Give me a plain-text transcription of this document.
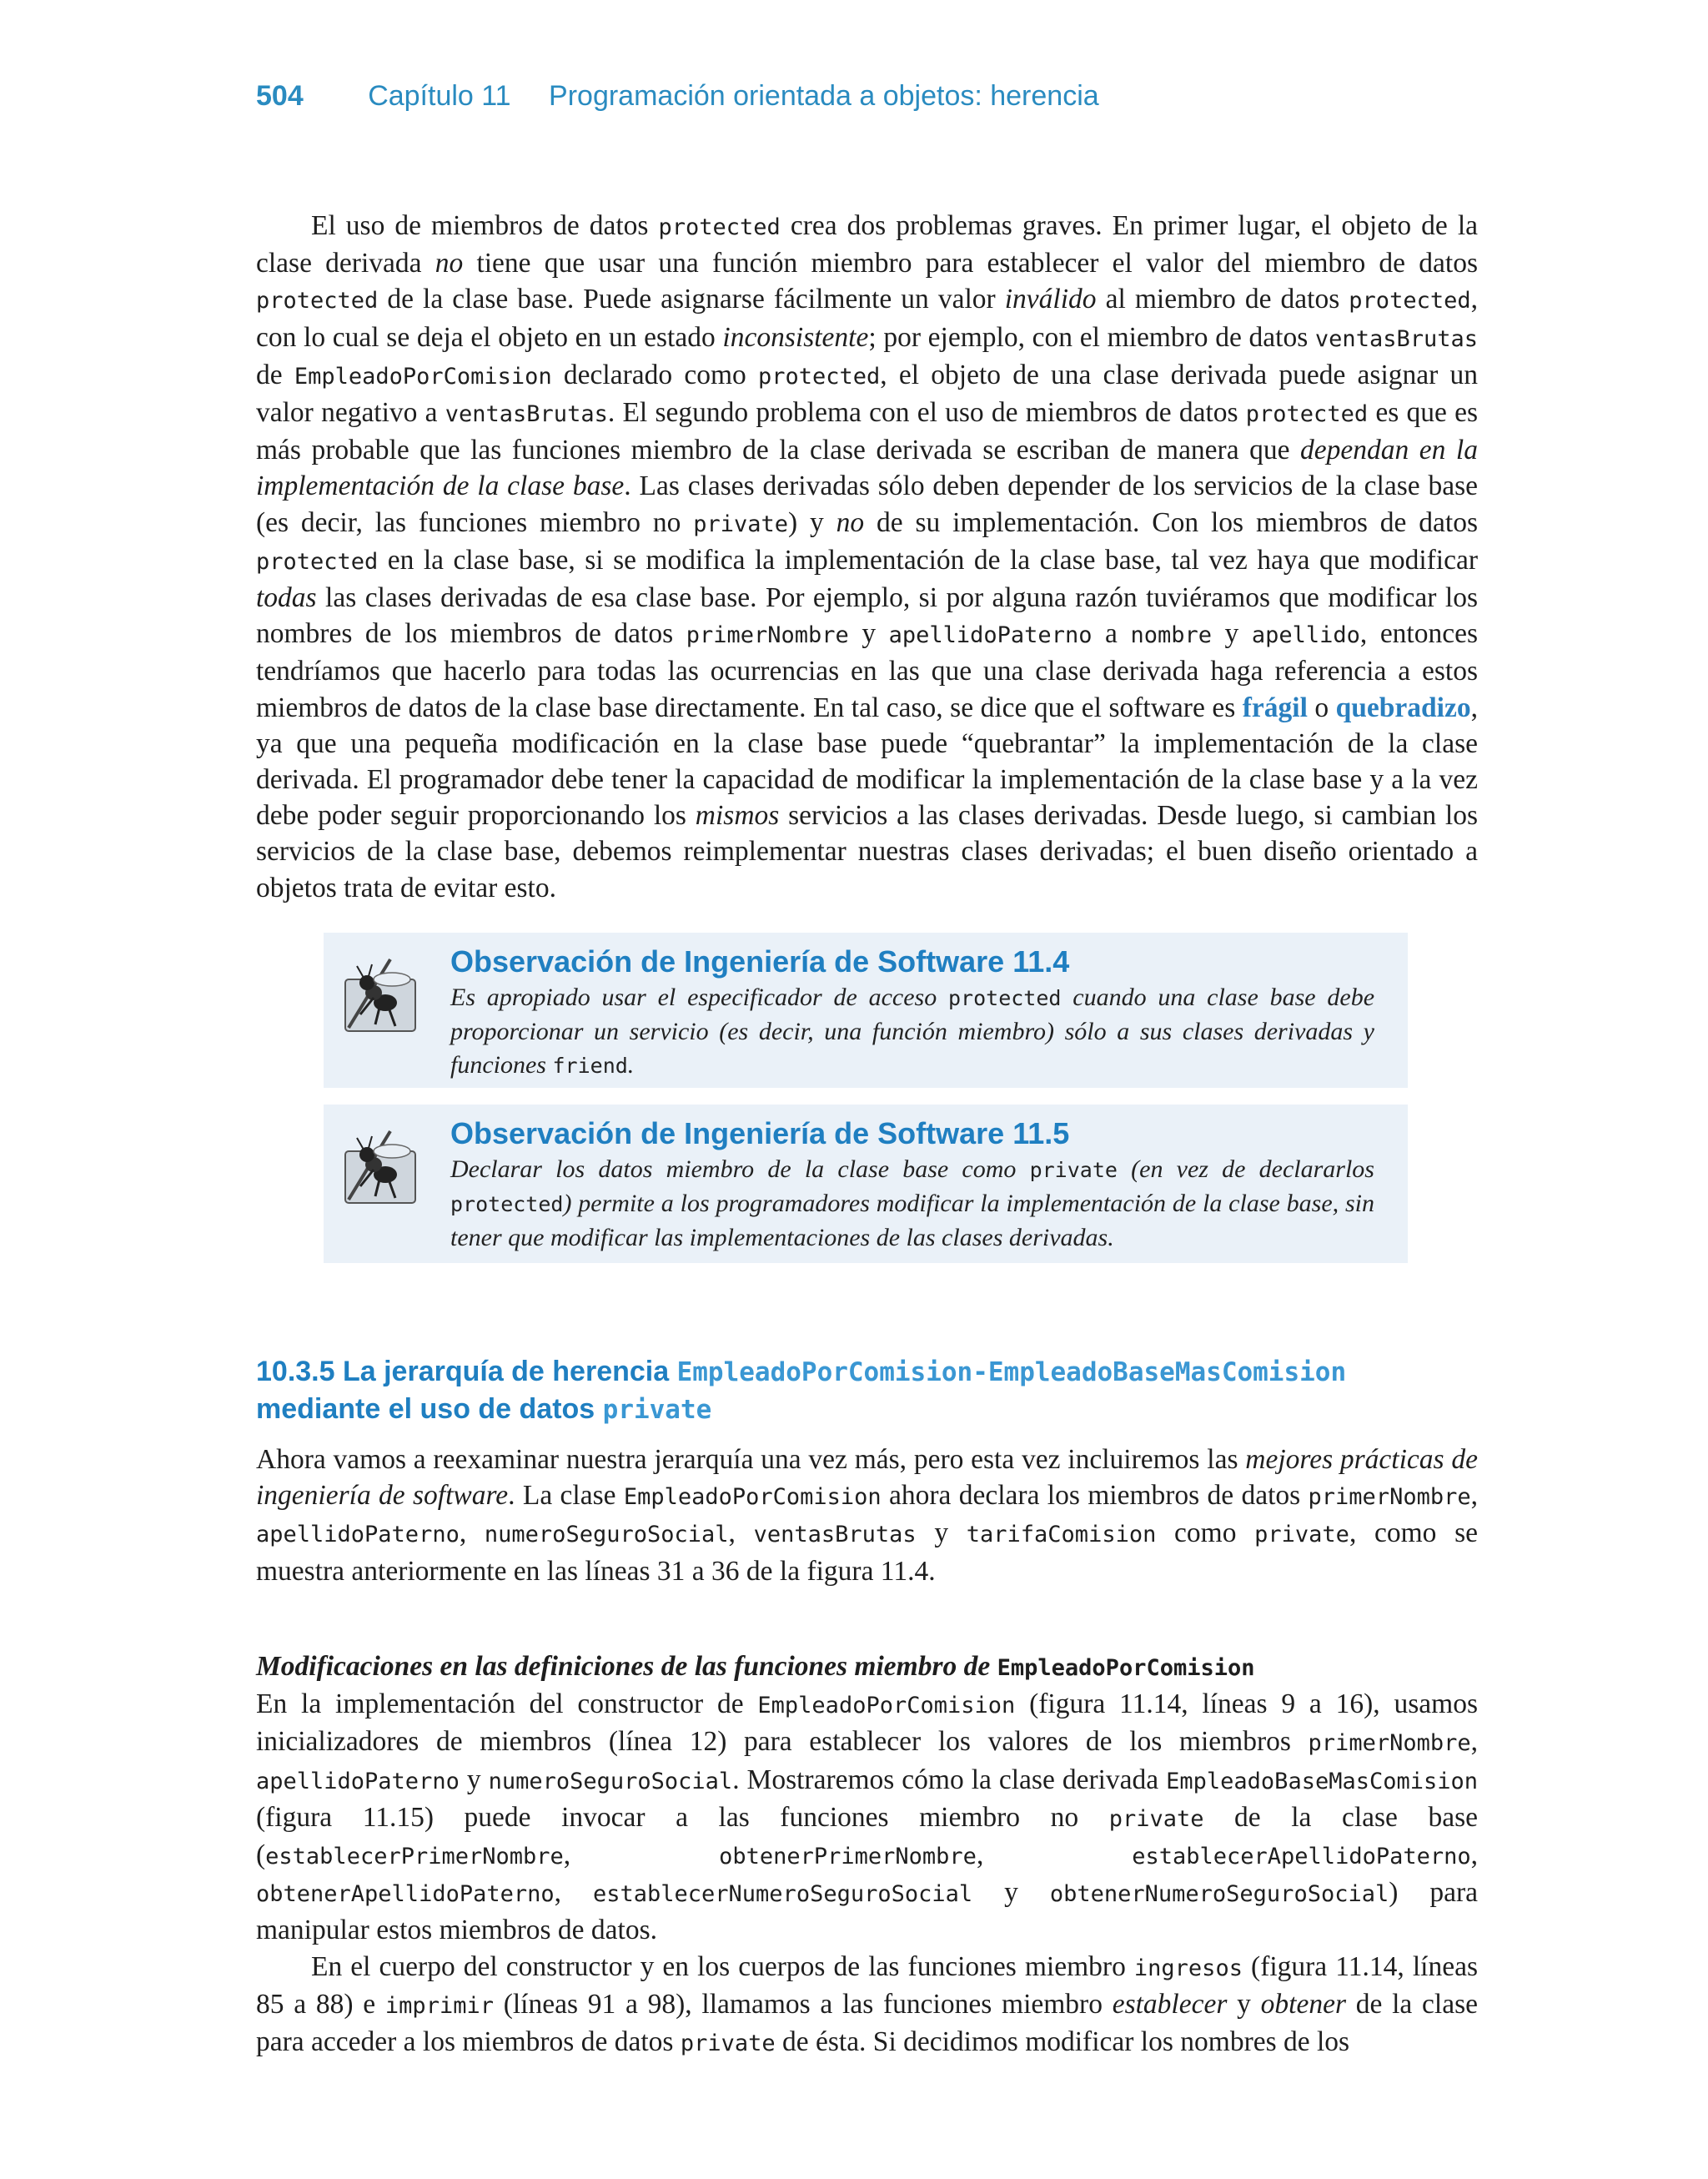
504 Capítulo 11 Programación orientada a objetos: herencia

El uso de miembros de datos protected crea dos problemas graves. En primer lugar, el objeto de la clase derivada no tiene que usar una función miembro para establecer el valor del miembro de datos protected de la clase base. Puede asignarse fácilmente un valor inválido al miembro de datos protected, con lo cual se deja el objeto en un estado inconsistente; por ejemplo, con el miembro de datos ventasBrutas de EmpleadoPorComision declarado como protected, el objeto de una clase derivada puede asignar un valor negativo a ventasBrutas. El segundo problema con el uso de miembros de datos protected es que es más probable que las funciones miembro de la clase derivada se escriban de manera que dependan en la implementación de la clase base. Las clases derivadas sólo deben depender de los servicios de la clase base (es decir, las funciones miembro no private) y no de su implementación. Con los miembros de datos protected en la clase base, si se modifica la implementación de la clase base, tal vez haya que modificar todas las clases derivadas de esa clase base. Por ejemplo, si por alguna razón tuviéramos que modificar los nombres de los miembros de datos primerNombre y apellidoPaterno a nombre y apellido, entonces tendríamos que hacerlo para todas las ocurrencias en las que una clase derivada haga referencia a estos miembros de datos de la clase base directamente. En tal caso, se dice que el software es frágil o quebradizo, ya que una pequeña modificación en la clase base puede “quebrantar” la implementación de la clase derivada. El programador debe tener la capacidad de modificar la implementación de la clase base y a la vez debe poder seguir proporcionando los mismos servicios a las clases derivadas. Desde luego, si cambian los servicios de la clase base, debemos reimplementar nuestras clases derivadas; el buen diseño orientado a objetos trata de evitar esto.

Observación de Ingeniería de Software 11.4
Es apropiado usar el especificador de acceso protected cuando una clase base debe proporcionar un servicio (es decir, una función miembro) sólo a sus clases derivadas y funciones friend.
Observación de Ingeniería de Software 11.5
Declarar los datos miembro de la clase base como private (en vez de declararlos protected) permite a los programadores modificar la implementación de la clase base, sin tener que modificar las implementaciones de las clases derivadas.
10.3.5 La jerarquía de herencia EmpleadoPorComision-EmpleadoBaseMasComision
mediante el uso de datos private

Ahora vamos a reexaminar nuestra jerarquía una vez más, pero esta vez incluiremos las mejores prácticas de ingeniería de software. La clase EmpleadoPorComision ahora declara los miembros de datos primerNombre, apellidoPaterno, numeroSeguroSocial, ventasBrutas y tarifaComision como private, como se muestra anteriormente en las líneas 31 a 36 de la figura 11.4.

Modificaciones en las definiciones de las funciones miembro de EmpleadoPorComision

En la implementación del constructor de EmpleadoPorComision (figura 11.14, líneas 9 a 16), usamos inicializadores de miembros (línea 12) para establecer los valores de los miembros primerNombre, apellidoPaterno y numeroSeguroSocial. Mostraremos cómo la clase derivada EmpleadoBaseMasComision (figura 11.15) puede invocar a las funciones miembro no private de la clase base (establecerPrimerNombre, obtenerPrimerNombre, establecerApellidoPaterno, obtenerApellidoPaterno, establecerNumeroSeguroSocial y obtenerNumeroSeguroSocial) para manipular estos miembros de datos.

En el cuerpo del constructor y en los cuerpos de las funciones miembro ingresos (figura 11.14, líneas 85 a 88) e imprimir (líneas 91 a 98), llamamos a las funciones miembro establecer y obtener de la clase para acceder a los miembros de datos private de ésta. Si decidimos modificar los nombres de los
